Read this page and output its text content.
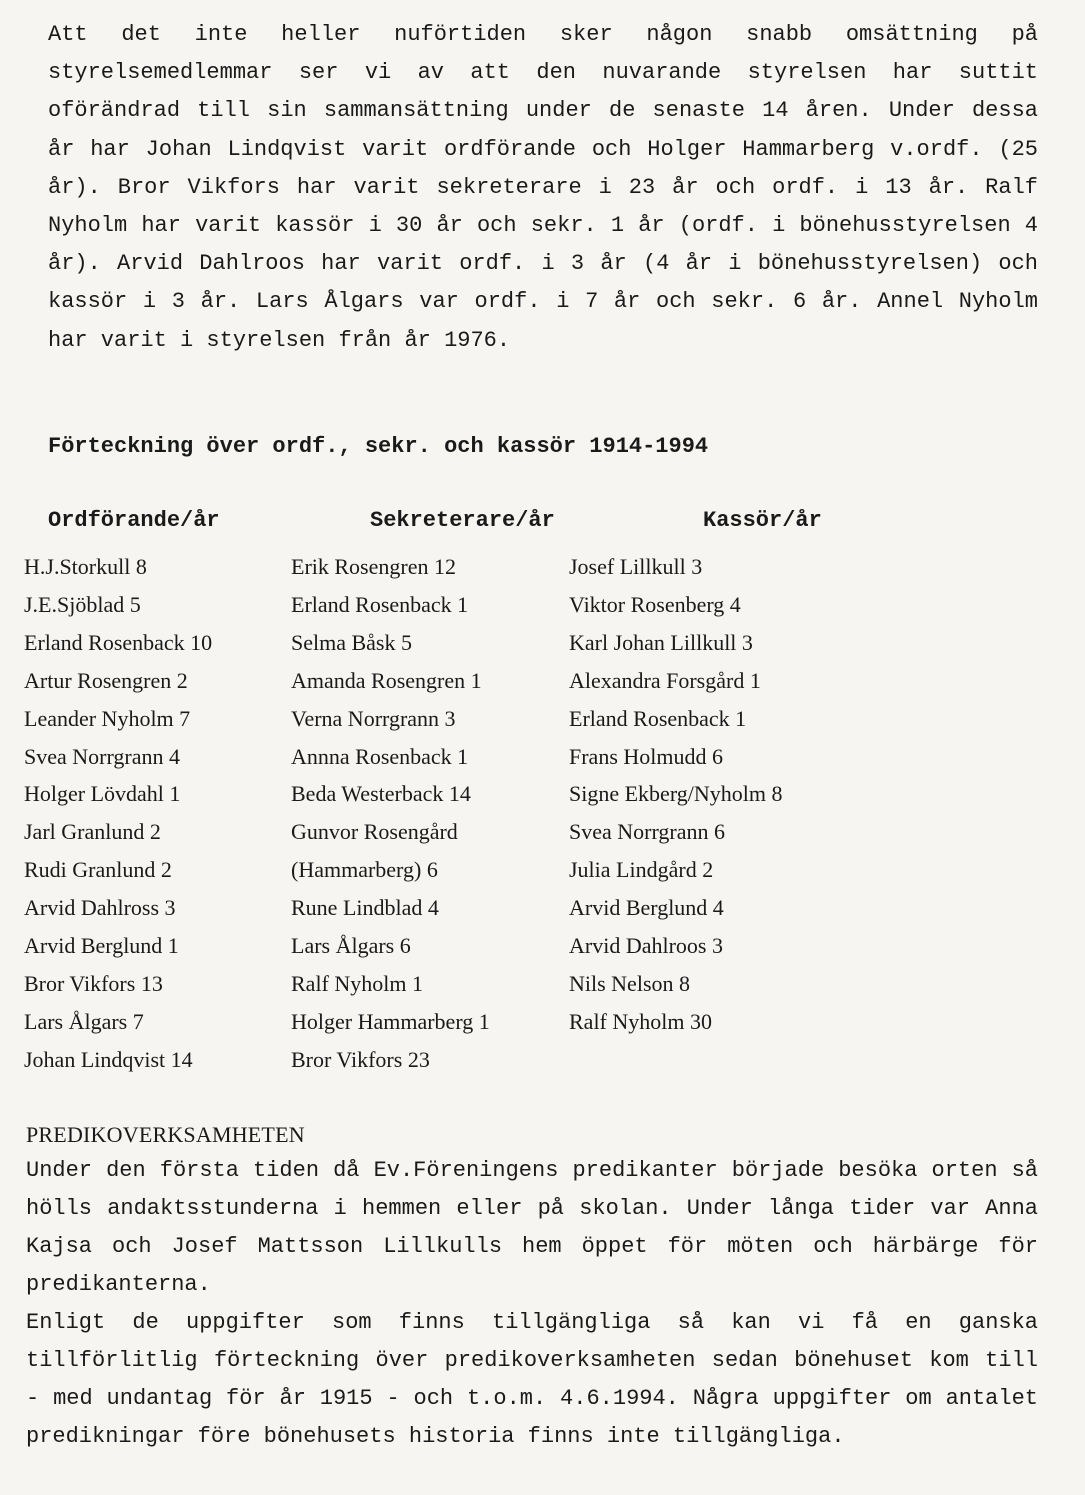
Att det inte heller nuförtiden sker någon snabb omsättning på styrelsemedlemmar ser vi av att den nuvarande styrelsen har suttit oförändrad till sin sammansättning under de senaste 14 åren. Under dessa år har Johan Lindqvist varit ordförande och Holger Hammarberg v.ordf. (25 år). Bror Vikfors har varit sekreterare i 23 år och ordf. i 13 år. Ralf Nyholm har varit kassör i 30 år och sekr. 1 år (ordf. i bönehusstyrelsen 4 år). Arvid Dahlroos har varit ordf. i 3 år (4 år i bönehusstyrelsen) och kassör i 3 år. Lars Ålgars var ordf. i 7 år och sekr. 6 år. Annel Nyholm har varit i styrelsen från år 1976.

Förteckning över ordf., sekr. och kassör 1914-1994

Ordförande/år	Sekreterare/år	Kassör/år

H.J.Storkull 8
J.E.Sjöblad 5
Erland Rosenback 10
Artur Rosengren 2
Leander Nyholm 7
Svea Norrgrann 4
Holger Lövdahl 1
Jarl Granlund 2
Rudi Granlund 2
Arvid Dahlross 3
Arvid Berglund 1
Bror Vikfors 13
Lars Ålgars 7
Johan Lindqvist 14
Erik Rosengren 12
Erland Rosenback 1
Selma Båsk 5
Amanda Rosengren 1
Verna Norrgrann 3
Annna Rosenback 1
Beda Westerback 14
Gunvor Rosengård
(Hammarberg) 6
Rune Lindblad 4
Lars Ålgars 6
Ralf Nyholm 1
Holger Hammarberg 1
Bror Vikfors 23
Josef Lillkull 3
Viktor Rosenberg 4
Karl Johan Lillkull 3
Alexandra Forsgård 1
Erland Rosenback 1
Frans Holmudd 6
Signe Ekberg/Nyholm 8
Svea Norrgrann 6
Julia Lindgård 2
Arvid Berglund 4
Arvid Dahlroos 3
Nils Nelson 8
Ralf Nyholm 30

PREDIKOVERKSAMHETEN

Under den första tiden då Ev.Föreningens predikanter började besöka orten så hölls andaktsstunderna i hemmen eller på skolan. Under långa tider var Anna Kajsa och Josef Mattsson Lillkulls hem öppet för möten och härbärge för predikanterna.
Enligt de uppgifter som finns tillgängliga så kan vi få en ganska tillförlitlig förteckning över predikoverksamheten sedan bönehuset kom till - med undantag för år 1915 - och t.o.m. 4.6.1994. Några uppgifter om antalet predikningar före bönehusets historia finns inte tillgängliga.
